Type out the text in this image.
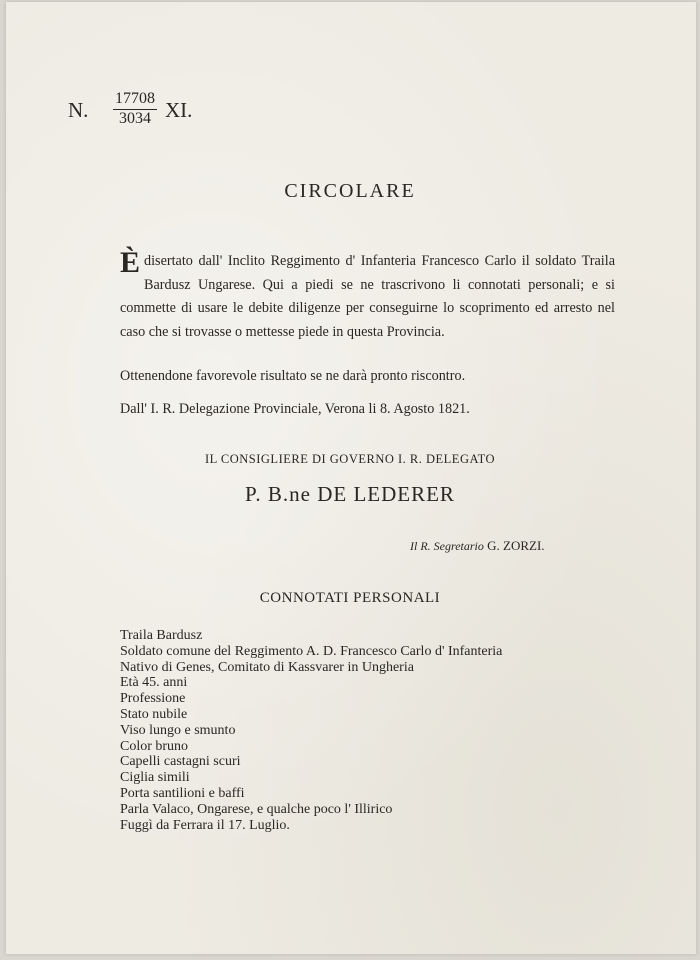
N. $\frac{17708}{3034}$ XI.
CIRCOLARE
Èdisertato dall' Inclito Reggimento d' Infanteria Francesco Carlo il soldato Traila Bardusz Ungarese. Qui a piedi se ne trascrivono li connotati personali; e si commette di usare le debite diligenze per conseguirne lo scoprimento ed arresto nel caso che si trovasse o mettesse piede in questa Provincia.
Ottenendone favorevole risultato se ne darà pronto riscontro.
Dall' I. R. Delegazione Provinciale, Verona li 8. Agosto 1821.
IL CONSIGLIERE DI GOVERNO I. R. DELEGATO
P. B.ne DE LEDERER
Il R. Segretario G. ZORZI.
CONNOTATI PERSONALI
Traila Bardusz
Soldato comune del Reggimento A. D. Francesco Carlo d' Infanteria
Nativo di Genes, Comitato di Kassvarer in Ungheria
Età 45. anni
Professione
Stato nubile
Viso lungo e smunto
Color bruno
Capelli castagni scuri
Ciglia simili
Porta santilioni e baffi
Parla Valaco, Ongarese, e qualche poco l' Illirico
Fuggì da Ferrara il 17. Luglio.
